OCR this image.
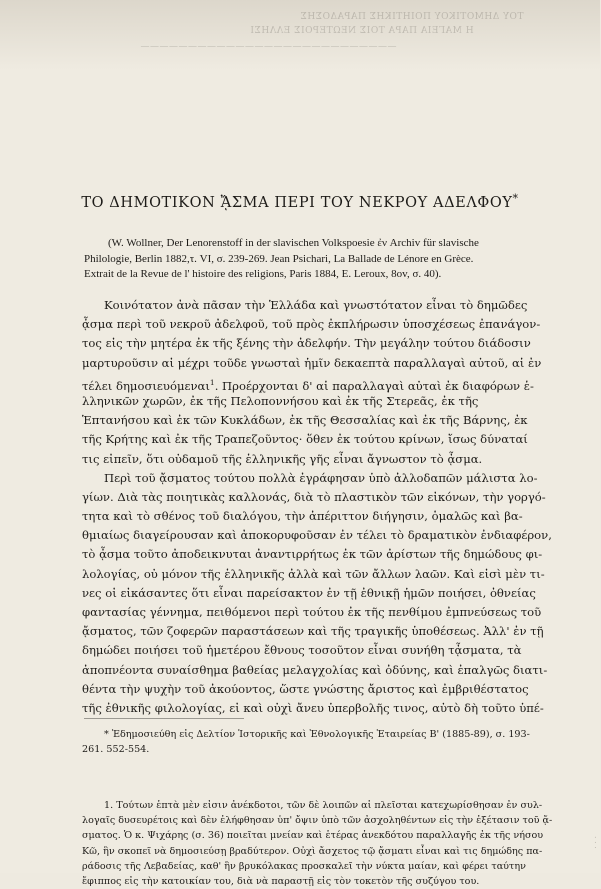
ΤΟΥ ΔΗΜΟΤΙΚΟΥ ΠΟΙΗΤΙΚΗΣ ΠΑΡΑΔΟΣΗΣ
Η ΜΑΓΕΙΑ ΠΑΡΑ ΤΟΙΣ ΝΕΩΤΕΡΟΙΣ ΕΛΛΗΣΙ
———————————————————————————
· · ·
ΤΟ ΔΗΜΟΤΙΚΟΝ ᾌΣΜΑ ΠΕΡΙ ΤΟΥ ΝΕΚΡΟΥ ΑΔΕΛΦΟΥ*
(W. Wollner, Der Lenorenstoff in der slavischen Volkspoesie ἐν Archiv für slavische
Philologie, Berlin 1882,τ. VI, σ. 239-269. Jean Psichari, La Ballade de Lénore en Grèce.
Extrait de la Revue de l' histoire des religions, Paris 1884, E. Leroux, 8ov, σ. 40).
Κοινότατον ἀνὰ πᾶσαν τὴν Ἑλλάδα καὶ γνωστότατον εἶναι τὸ δημῶδες
ᾆσμα περὶ τοῦ νεκροῦ ἀδελφοῦ, τοῦ πρὸς ἐκπλήρωσιν ὑποσχέσεως ἐπανάγον-
τος εἰς τὴν μητέρα ἐκ τῆς ξένης τὴν ἀδελφήν. Τὴν μεγάλην τούτου διάδοσιν
μαρτυροῦσιν αἱ μέχρι τοῦδε γνωσταὶ ἡμῖν δεκαεπτὰ παραλλαγαὶ αὐτοῦ, αἱ ἐν
τέλει δημοσιευόμεναι$^1$. Προέρχονται δ' αἱ παραλλαγαὶ αὐταὶ ἐκ διαφόρων ἑ-
λληνικῶν χωρῶν, ἐκ τῆς Πελοποννήσου καὶ ἐκ τῆς Στερεᾶς, ἐκ τῆς
Ἑπτανήσου καὶ ἐκ τῶν Κυκλάδων, ἐκ τῆς Θεσσαλίας καὶ ἐκ τῆς Βάρνης, ἐκ
τῆς Κρήτης καὶ ἐκ τῆς Τραπεζοῦντος· ὅθεν ἐκ τούτου κρίνων, ἴσως δύναταί
τις εἰπεῖν, ὅτι οὐδαμοῦ τῆς ἑλληνικῆς γῆς εἶναι ἄγνωστον τὸ ᾆσμα.
Περὶ τοῦ ᾄσματος τούτου πολλὰ ἐγράφησαν ὑπὸ ἀλλοδαπῶν μάλιστα λο-
γίων. Διὰ τὰς ποιητικὰς καλλονάς, διὰ τὸ πλαστικὸν τῶν εἰκόνων, τὴν γοργό-
τητα καὶ τὸ σθένος τοῦ διαλόγου, τὴν ἀπέριττον διήγησιν, ὁμαλῶς καὶ βα-
θμιαίως διαγείρουσαν καὶ ἀποκορυφοῦσαν ἐν τέλει τὸ δραματικὸν ἐνδιαφέρον,
τὸ ᾆσμα τοῦτο ἀποδεικνυται ἀναντιρρήτως ἐκ τῶν ἀρίστων τῆς δημώδους φι-
λολογίας, οὐ μόνον τῆς ἑλληνικῆς ἀλλὰ καὶ τῶν ἄλλων λαῶν. Καὶ εἰσὶ μὲν τι-
νες οἱ εἰκάσαντες ὅτι εἶναι παρείσακτον ἐν τῇ ἐθνικῇ ἡμῶν ποιήσει, ὀθνείας
φαντασίας γέννημα, πειθόμενοι περὶ τούτου ἐκ τῆς πενθίμου ἐμπνεύσεως τοῦ
ᾄσματος, τῶν ζοφερῶν παραστάσεων καὶ τῆς τραγικῆς ὑποθέσεως. Ἀλλ' ἐν τῇ
δημώδει ποιήσει τοῦ ἡμετέρου ἔθνους τοσοῦτον εἶναι συνήθη τᾆσματα, τὰ
ἀποπνέοντα συναίσθημα βαθείας μελαγχολίας καὶ ὀδύνης, καὶ ἐπαλγῶς διατι-
θέντα τὴν ψυχὴν τοῦ ἀκούοντος, ὥστε γνώστης ἄριστος καὶ ἐμβριθέστατος
τῆς ἐθνικῆς φιλολογίας, εἰ καὶ οὐχὶ ἄνευ ὑπερβολῆς τινος, αὐτὸ δὴ τοῦτο ὑπέ-
* Ἐδημοσιεύθη εἰς Δελτίον Ἱστορικῆς καὶ Ἐθνολογικῆς Ἑταιρείας Β' (1885-89), σ. 193-
261. 552-554.
1. Τούτων ἑπτὰ μὲν εἰσιν ἀνέκδοτοι, τῶν δὲ λοιπῶν αἱ πλεῖσται κατεχωρίσθησαν ἐν συλ-
λογαῖς δυσευρέτοις καὶ δὲν ἐλήφθησαν ὑπ' ὄψιν ὑπὸ τῶν ἀσχοληθέντων εἰς τὴν ἐξέτασιν τοῦ ᾄ-
σματος. Ὁ κ. Ψιχάρης (σ. 36) ποιεῖται μνείαν καὶ ἑτέρας ἀνεκδότου παραλλαγῆς ἐκ τῆς νήσου
Κῶ, ἣν σκοπεῖ νὰ δημοσιεύσῃ βραδύτερον. Οὐχὶ ἄσχετος τῷ ᾄσματι εἶναι καὶ τις δημώδης πα-
ράδοσις τῆς Λεβαδείας, καθ' ἣν βρυκόλακας προσκαλεῖ τὴν νύκτα μαίαν, καὶ φέρει ταύτην
ἔφιππος εἰς τὴν κατοικίαν του, διὰ νὰ παραστῇ εἰς τὸν τοκετὸν τῆς συζύγου του.
